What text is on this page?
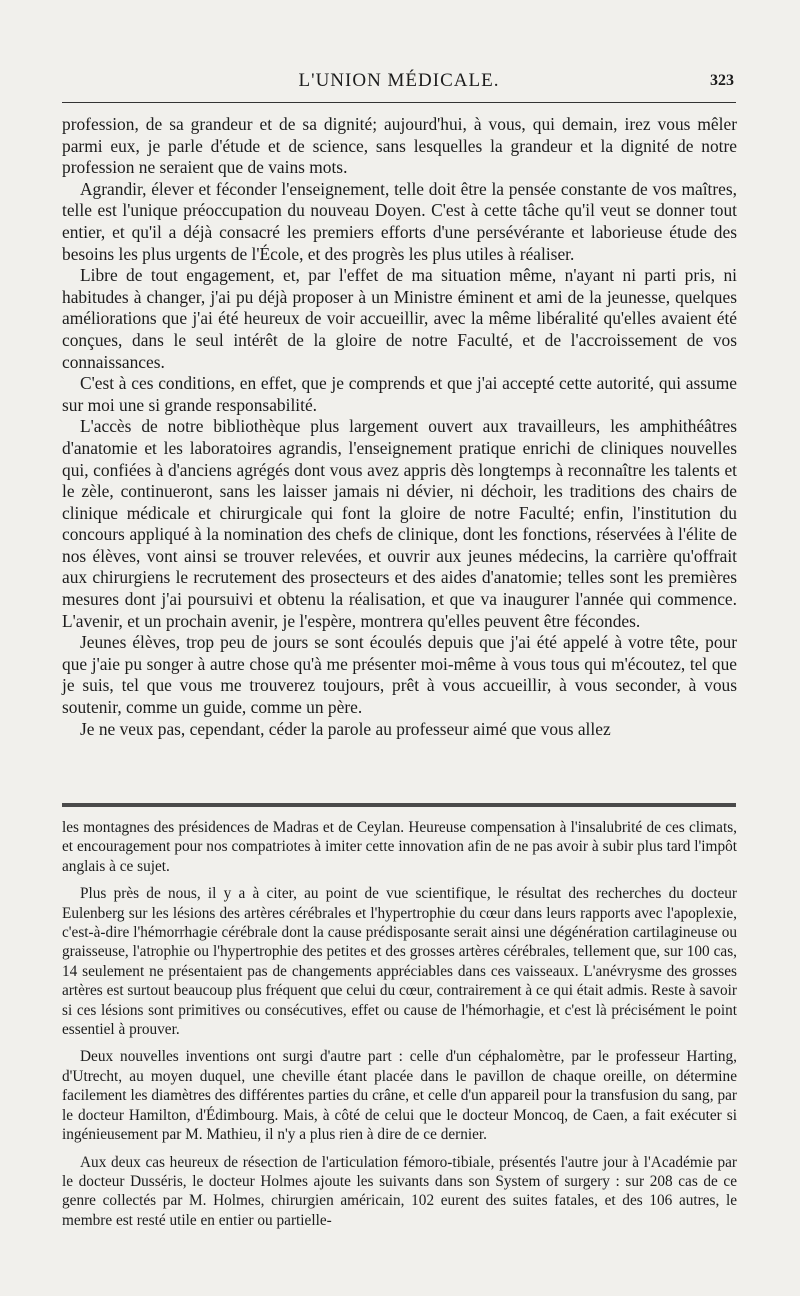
L'UNION MÉDICALE.	323

profession, de sa grandeur et de sa dignité; aujourd'hui, à vous, qui demain, irez vous mêler parmi eux, je parle d'étude et de science, sans lesquelles la grandeur et la dignité de notre profession ne seraient que de vains mots.

Agrandir, élever et féconder l'enseignement, telle doit être la pensée constante de vos maîtres, telle est l'unique préoccupation du nouveau Doyen. C'est à cette tâche qu'il veut se donner tout entier, et qu'il a déjà consacré les premiers efforts d'une persévérante et laborieuse étude des besoins les plus urgents de l'École, et des progrès les plus utiles à réaliser.

Libre de tout engagement, et, par l'effet de ma situation même, n'ayant ni parti pris, ni habitudes à changer, j'ai pu déjà proposer à un Ministre éminent et ami de la jeunesse, quelques améliorations que j'ai été heureux de voir accueillir, avec la même libéralité qu'elles avaient été conçues, dans le seul intérêt de la gloire de notre Faculté, et de l'accroissement de vos connaissances.

C'est à ces conditions, en effet, que je comprends et que j'ai accepté cette autorité, qui assume sur moi une si grande responsabilité.

L'accès de notre bibliothèque plus largement ouvert aux travailleurs, les amphithéâtres d'anatomie et les laboratoires agrandis, l'enseignement pratique enrichi de cliniques nouvelles qui, confiées à d'anciens agrégés dont vous avez appris dès longtemps à reconnaître les talents et le zèle, continueront, sans les laisser jamais ni dévier, ni déchoir, les traditions des chairs de clinique médicale et chirurgicale qui font la gloire de notre Faculté; enfin, l'institution du concours appliqué à la nomination des chefs de clinique, dont les fonctions, réservées à l'élite de nos élèves, vont ainsi se trouver relevées, et ouvrir aux jeunes médecins, la carrière qu'offrait aux chirurgiens le recrutement des prosecteurs et des aides d'anatomie; telles sont les premières mesures dont j'ai poursuivi et obtenu la réalisation, et que va inaugurer l'année qui commence. L'avenir, et un prochain avenir, je l'espère, montrera qu'elles peuvent être fécondes.

Jeunes élèves, trop peu de jours se sont écoulés depuis que j'ai été appelé à votre tête, pour que j'aie pu songer à autre chose qu'à me présenter moi-même à vous tous qui m'écoutez, tel que je suis, tel que vous me trouverez toujours, prêt à vous accueillir, à vous seconder, à vous soutenir, comme un guide, comme un père.

Je ne veux pas, cependant, céder la parole au professeur aimé que vous allez

les montagnes des présidences de Madras et de Ceylan. Heureuse compensation à l'insalubrité de ces climats, et encouragement pour nos compatriotes à imiter cette innovation afin de ne pas avoir à subir plus tard l'impôt anglais à ce sujet.

Plus près de nous, il y a à citer, au point de vue scientifique, le résultat des recherches du docteur Eulenberg sur les lésions des artères cérébrales et l'hypertrophie du cœur dans leurs rapports avec l'apoplexie, c'est-à-dire l'hémorrhagie cérébrale dont la cause prédisposante serait ainsi une dégénération cartilagineuse ou graisseuse, l'atrophie ou l'hypertrophie des petites et des grosses artères cérébrales, tellement que, sur 100 cas, 14 seulement ne présentaient pas de changements appréciables dans ces vaisseaux. L'anévrysme des grosses artères est surtout beaucoup plus fréquent que celui du cœur, contrairement à ce qui était admis. Reste à savoir si ces lésions sont primitives ou consécutives, effet ou cause de l'hémorhagie, et c'est là précisément le point essentiel à prouver.

Deux nouvelles inventions ont surgi d'autre part : celle d'un céphalomètre, par le professeur Harting, d'Utrecht, au moyen duquel, une cheville étant placée dans le pavillon de chaque oreille, on détermine facilement les diamètres des différentes parties du crâne, et celle d'un appareil pour la transfusion du sang, par le docteur Hamilton, d'Édimbourg. Mais, à côté de celui que le docteur Moncoq, de Caen, a fait exécuter si ingénieusement par M. Mathieu, il n'y a plus rien à dire de ce dernier.

Aux deux cas heureux de résection de l'articulation fémoro-tibiale, présentés l'autre jour à l'Académie par le docteur Dusséris, le docteur Holmes ajoute les suivants dans son System of surgery : sur 208 cas de ce genre collectés par M. Holmes, chirurgien américain, 102 eurent des suites fatales, et des 106 autres, le membre est resté utile en entier ou partielle-
